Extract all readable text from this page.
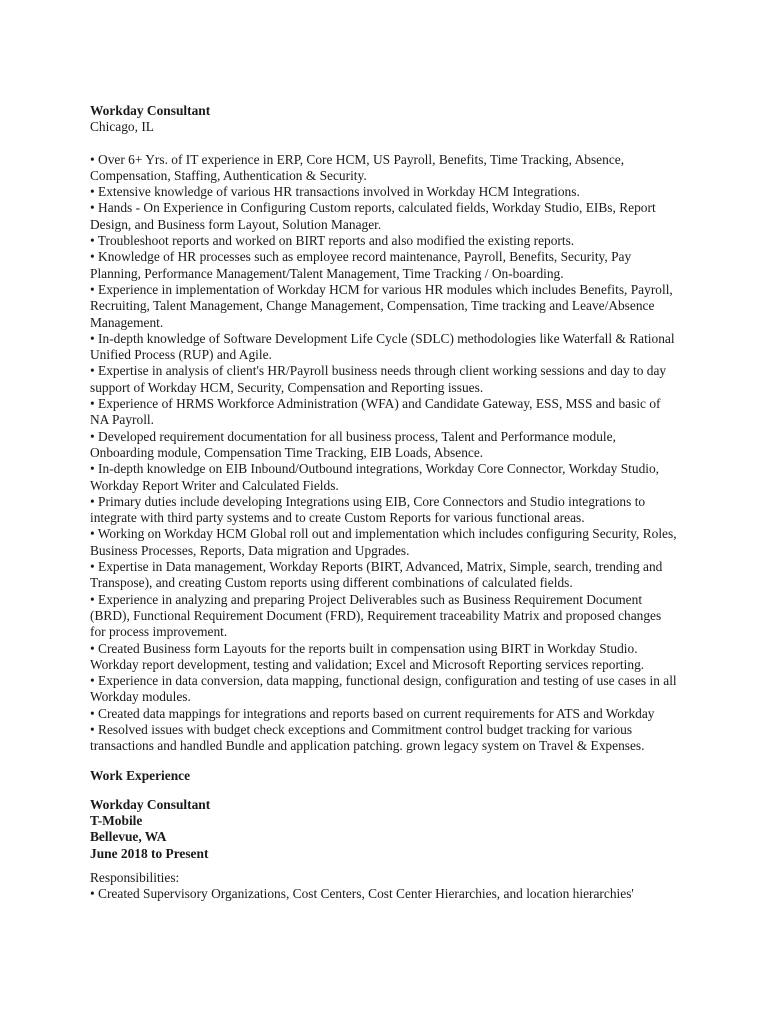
Workday Consultant
Chicago, IL

• Over 6+ Yrs. of IT experience in ERP, Core HCM, US Payroll, Benefits, Time Tracking, Absence, Compensation, Staffing, Authentication & Security.

• Extensive knowledge of various HR transactions involved in Workday HCM Integrations.

• Hands - On Experience in Configuring Custom reports, calculated fields, Workday Studio, EIBs, Report Design, and Business form Layout, Solution Manager.

• Troubleshoot reports and worked on BIRT reports and also modified the existing reports.

• Knowledge of HR processes such as employee record maintenance, Payroll, Benefits, Security, Pay Planning, Performance Management/Talent Management, Time Tracking / On-boarding.

• Experience in implementation of Workday HCM for various HR modules which includes Benefits, Payroll, Recruiting, Talent Management, Change Management, Compensation, Time tracking and Leave/Absence Management.

• In-depth knowledge of Software Development Life Cycle (SDLC) methodologies like Waterfall & Rational Unified Process (RUP) and Agile.

• Expertise in analysis of client's HR/Payroll business needs through client working sessions and day to day support of Workday HCM, Security, Compensation and Reporting issues.

• Experience of HRMS Workforce Administration (WFA) and Candidate Gateway, ESS, MSS and basic of NA Payroll.

• Developed requirement documentation for all business process, Talent and Performance module, Onboarding module, Compensation Time Tracking, EIB Loads, Absence.

• In-depth knowledge on EIB Inbound/Outbound integrations, Workday Core Connector, Workday Studio, Workday Report Writer and Calculated Fields.

• Primary duties include developing Integrations using EIB, Core Connectors and Studio integrations to integrate with third party systems and to create Custom Reports for various functional areas.

• Working on Workday HCM Global roll out and implementation which includes configuring Security, Roles, Business Processes, Reports, Data migration and Upgrades.

• Expertise in Data management, Workday Reports (BIRT, Advanced, Matrix, Simple, search, trending and Transpose), and creating Custom reports using different combinations of calculated fields.

• Experience in analyzing and preparing Project Deliverables such as Business Requirement Document (BRD), Functional Requirement Document (FRD), Requirement traceability Matrix and proposed changes for process improvement.

• Created Business form Layouts for the reports built in compensation using BIRT in Workday Studio. Workday report development, testing and validation; Excel and Microsoft Reporting services reporting.

• Experience in data conversion, data mapping, functional design, configuration and testing of use cases in all Workday modules.

• Created data mappings for integrations and reports based on current requirements for ATS and Workday

• Resolved issues with budget check exceptions and Commitment control budget tracking for various transactions and handled Bundle and application patching. grown legacy system on Travel & Expenses.

Work Experience
Workday Consultant
T-Mobile
Bellevue, WA
June 2018 to Present
Responsibilities:

• Created Supervisory Organizations, Cost Centers, Cost Center Hierarchies, and location hierarchies'
